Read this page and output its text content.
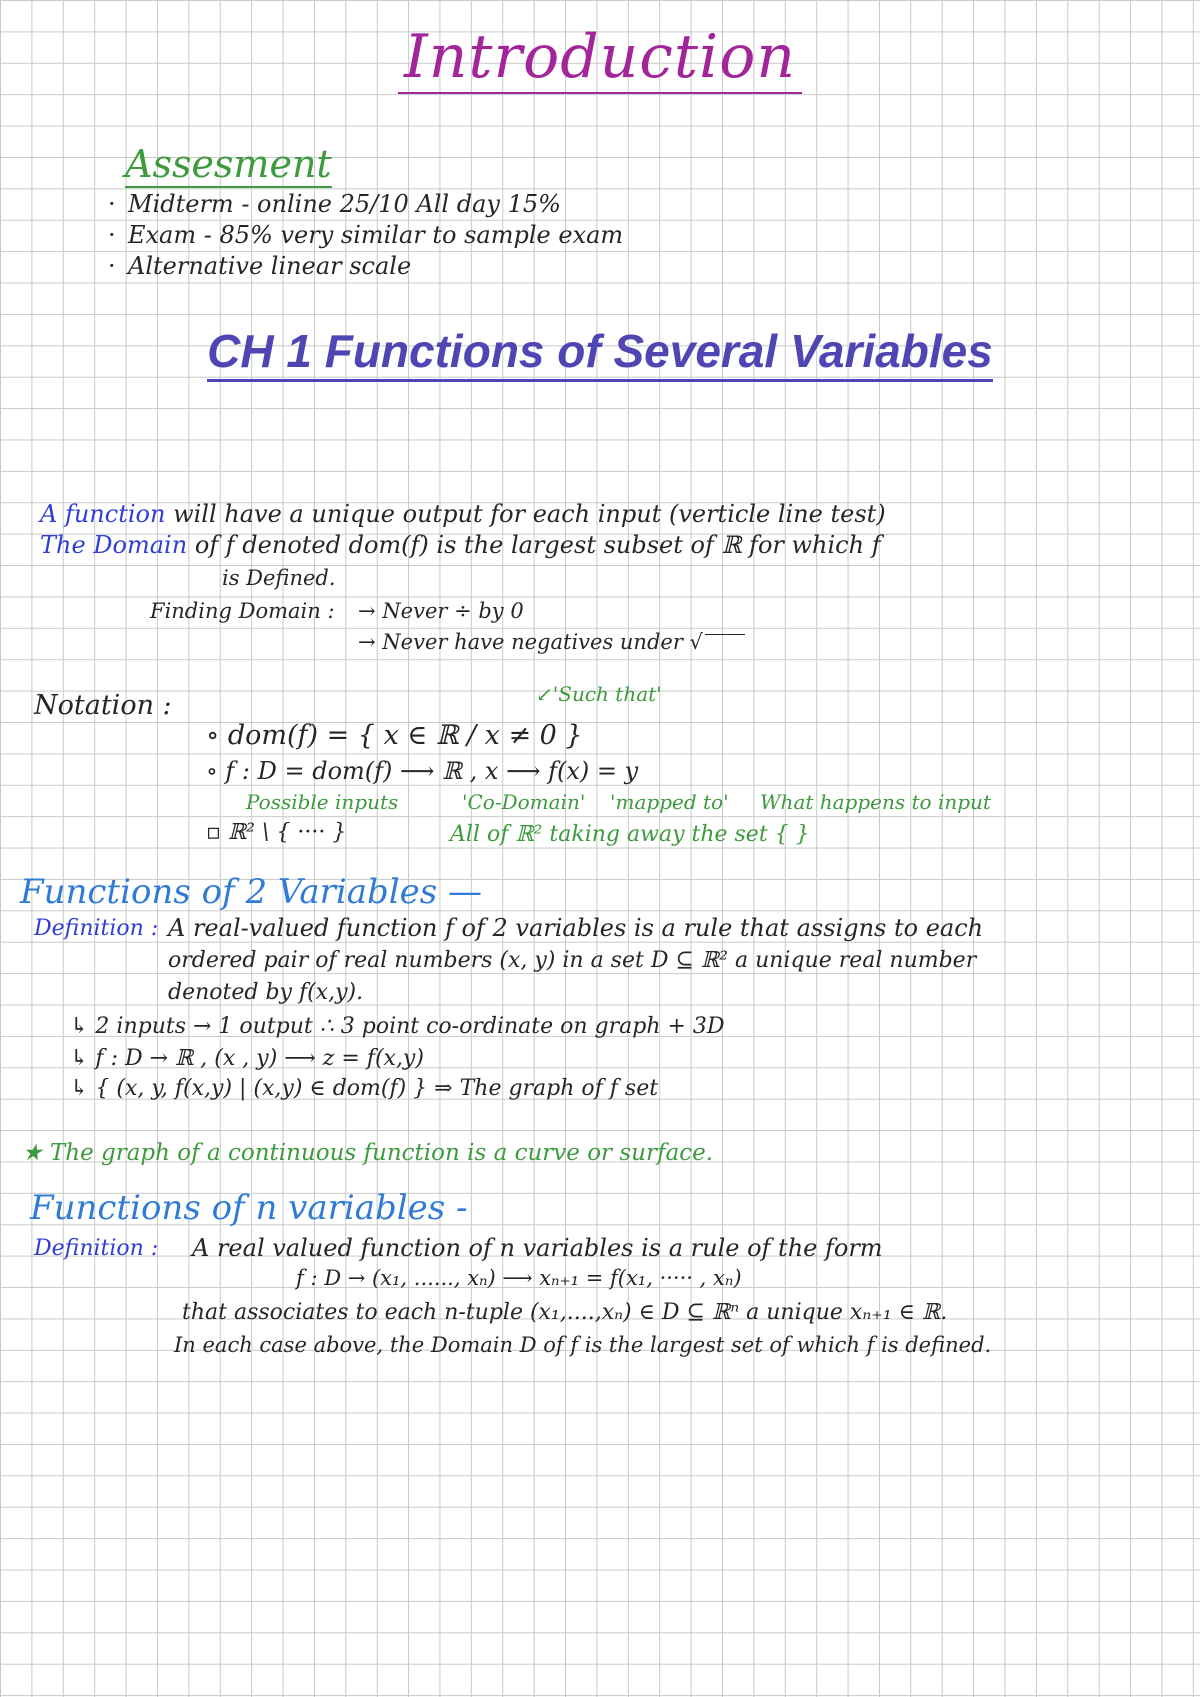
Introduction
Assesment
· Midterm - online 25/10 All day 15%
· Exam - 85% very similar to sample exam
· Alternative linear scale
CH 1 Functions of Several Variables
A function will have a unique output for each input (verticle line test)
The Domain of f denoted dom(f) is the largest subset of ℝ for which f
is Defined.
Finding Domain : → Never ÷ by 0
→ Never have negatives under √
Notation :	↙'Such that'
∘ dom(f) = { x ∈ ℝ / x ≠ 0 }
∘ f : D = dom(f) ⟶ ℝ , x ⟶ f(x) = y
Possible inputs	'Co-Domain' 'mapped to' What happens to input
▫ ℝ² \ { ···· }	All of ℝ² taking away the set { }
Functions of 2 Variables —
Definition : A real-valued function f of 2 variables is a rule that assigns to each
ordered pair of real numbers (x, y) in a set D ⊆ ℝ² a unique real number
denoted by f(x,y).
↳ 2 inputs → 1 output ∴ 3 point co-ordinate on graph + 3D
↳ f : D → ℝ , (x , y) ⟶ z = f(x,y)
↳ { (x, y, f(x,y) | (x,y) ∈ dom(f) } ⇒ The graph of f set
★ The graph of a continuous function is a curve or surface.
Functions of n variables -
Definition : A real valued function of n variables is a rule of the form
f : D → (x₁, ......, xₙ) ⟶ xₙ₊₁ = f(x₁, ····· , xₙ)
that associates to each n-tuple (x₁,....,xₙ) ∈ D ⊆ ℝⁿ a unique xₙ₊₁ ∈ ℝ.
In each case above, the Domain D of f is the largest set of which f is defined.
